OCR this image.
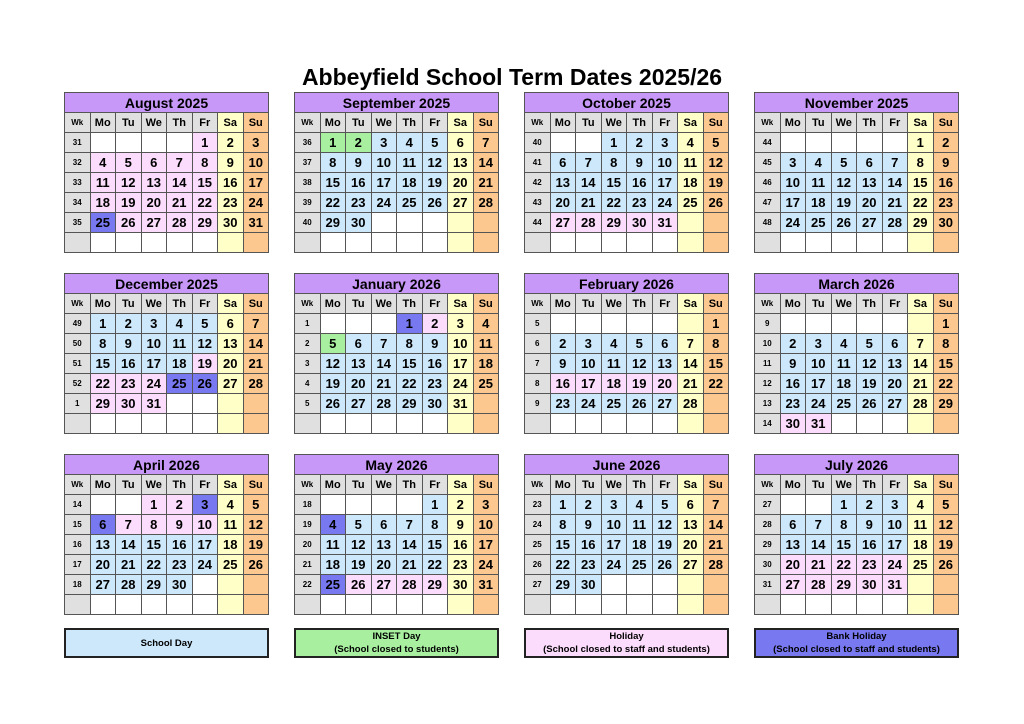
Abbeyfield School Term Dates 2025/26
August 2025							
Wk	Mo	Tu	We	Th	Fr	Sa	Su
31					1	2	3
32	4	5	6	7	8	9	10
33	11	12	13	14	15	16	17
34	18	19	20	21	22	23	24
35	25	26	27	28	29	30	31

September 2025							
Wk	Mo	Tu	We	Th	Fr	Sa	Su
36	1	2	3	4	5	6	7
37	8	9	10	11	12	13	14
38	15	16	17	18	19	20	21
39	22	23	24	25	26	27	28
40	29	30					

October 2025							
Wk	Mo	Tu	We	Th	Fr	Sa	Su
40			1	2	3	4	5
41	6	7	8	9	10	11	12
42	13	14	15	16	17	18	19
43	20	21	22	23	24	25	26
44	27	28	29	30	31		

November 2025							
Wk	Mo	Tu	We	Th	Fr	Sa	Su
44						1	2
45	3	4	5	6	7	8	9
46	10	11	12	13	14	15	16
47	17	18	19	20	21	22	23
48	24	25	26	27	28	29	30

December 2025							
Wk	Mo	Tu	We	Th	Fr	Sa	Su
49	1	2	3	4	5	6	7
50	8	9	10	11	12	13	14
51	15	16	17	18	19	20	21
52	22	23	24	25	26	27	28
1	29	30	31				

January 2026							
Wk	Mo	Tu	We	Th	Fr	Sa	Su
1				1	2	3	4
2	5	6	7	8	9	10	11
3	12	13	14	15	16	17	18
4	19	20	21	22	23	24	25
5	26	27	28	29	30	31	

February 2026							
Wk	Mo	Tu	We	Th	Fr	Sa	Su
5							1
6	2	3	4	5	6	7	8
7	9	10	11	12	13	14	15
8	16	17	18	19	20	21	22
9	23	24	25	26	27	28	

March 2026							
Wk	Mo	Tu	We	Th	Fr	Sa	Su
9							1
10	2	3	4	5	6	7	8
11	9	10	11	12	13	14	15
12	16	17	18	19	20	21	22
13	23	24	25	26	27	28	29
14	30	31					
April 2026							
Wk	Mo	Tu	We	Th	Fr	Sa	Su
14			1	2	3	4	5
15	6	7	8	9	10	11	12
16	13	14	15	16	17	18	19
17	20	21	22	23	24	25	26
18	27	28	29	30			

May 2026							
Wk	Mo	Tu	We	Th	Fr	Sa	Su
18					1	2	3
19	4	5	6	7	8	9	10
20	11	12	13	14	15	16	17
21	18	19	20	21	22	23	24
22	25	26	27	28	29	30	31

June 2026							
Wk	Mo	Tu	We	Th	Fr	Sa	Su
23	1	2	3	4	5	6	7
24	8	9	10	11	12	13	14
25	15	16	17	18	19	20	21
26	22	23	24	25	26	27	28
27	29	30					

July 2026							
Wk	Mo	Tu	We	Th	Fr	Sa	Su
27			1	2	3	4	5
28	6	7	8	9	10	11	12
29	13	14	15	16	17	18	19
30	20	21	22	23	24	25	26
31	27	28	29	30	31		

School Day
INSET Day
(School closed to students)
Holiday
(School closed to staff and students)
Bank Holiday
(School closed to staff and students)
